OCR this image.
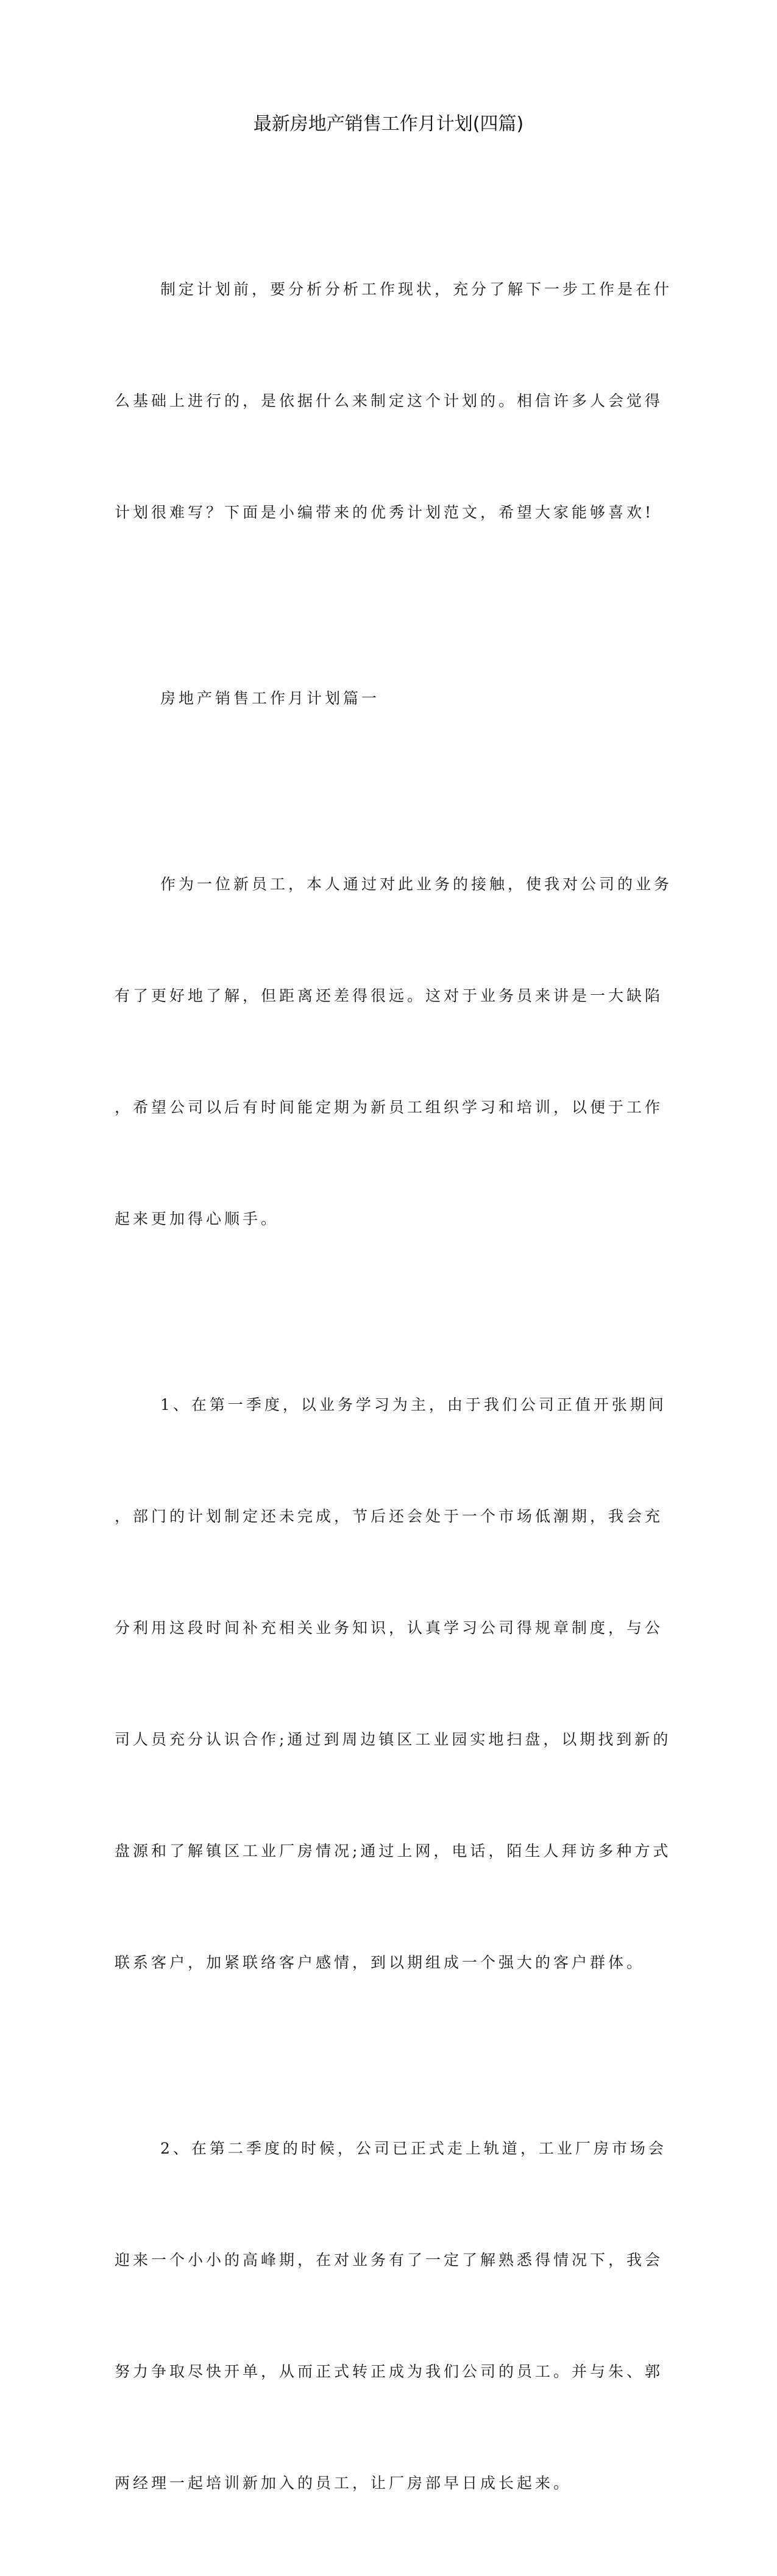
最新房地产销售工作月计划(四篇)

制定计划前，要分析分析工作现状，充分了解下一步工作是在什

么基础上进行的，是依据什么来制定这个计划的。相信许多人会觉得

计划很难写？下面是小编带来的优秀计划范文，希望大家能够喜欢!

房地产销售工作月计划篇一

作为一位新员工，本人通过对此业务的接触，使我对公司的业务

有了更好地了解，但距离还差得很远。这对于业务员来讲是一大缺陷

，希望公司以后有时间能定期为新员工组织学习和培训，以便于工作

起来更加得心顺手。

1、在第一季度，以业务学习为主，由于我们公司正值开张期间

，部门的计划制定还未完成，节后还会处于一个市场低潮期，我会充

分利用这段时间补充相关业务知识，认真学习公司得规章制度，与公

司人员充分认识合作;通过到周边镇区工业园实地扫盘，以期找到新的

盘源和了解镇区工业厂房情况;通过上网，电话，陌生人拜访多种方式

联系客户，加紧联络客户感情，到以期组成一个强大的客户群体。

2、在第二季度的时候，公司已正式走上轨道，工业厂房市场会

迎来一个小小的高峰期，在对业务有了一定了解熟悉得情况下，我会

努力争取尽快开单，从而正式转正成为我们公司的员工。并与朱、郭

两经理一起培训新加入的员工，让厂房部早日成长起来。
